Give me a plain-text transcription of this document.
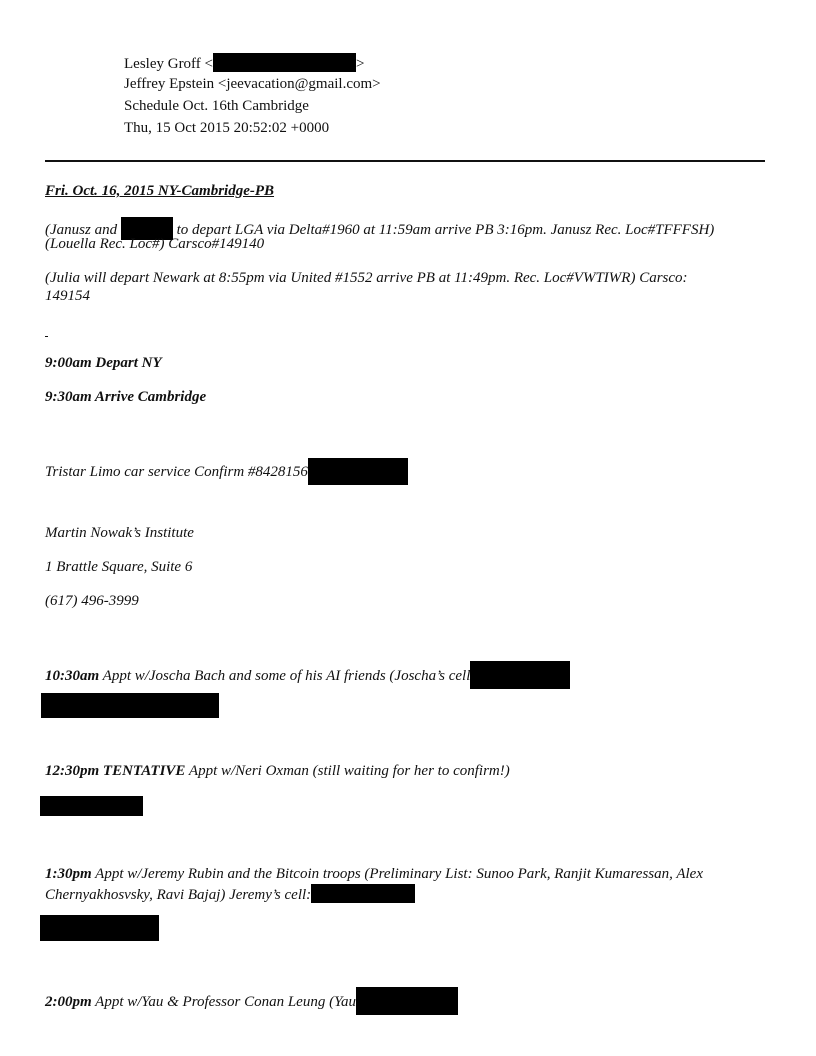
Lesley Groff <	>
Jeffrey Epstein <jeevacation@gmail.com>
Schedule Oct. 16th Cambridge
Thu, 15 Oct 2015 20:52:02 +0000
Fri. Oct. 16, 2015 NY-Cambridge-PB
(Janusz and	to depart LGA via Delta#1960 at 11:59am arrive PB 3:16pm. Janusz Rec. Loc#TFFFSH)
(Louella Rec. Loc#) Carsco#149140
(Julia will depart Newark at 8:55pm via United #1552 arrive PB at 11:49pm. Rec. Loc#VWTIWR) Carsco:
149154
9:00am Depart NY
9:30am Arrive Cambridge
Tristar Limo car service Confirm #8428156
Martin Nowak’s Institute
1 Brattle Square, Suite 6
(617) 496-3999
10:30am Appt w/Joscha Bach and some of his AI friends (Joscha’s cell
12:30pm TENTATIVE Appt w/Neri Oxman (still waiting for her to confirm!)
1:30pm Appt w/Jeremy Rubin and the Bitcoin troops (Preliminary List: Sunoo Park, Ranjit Kumaressan, Alex
Chernyakhosvsky, Ravi Bajaj) Jeremy’s cell:
2:00pm Appt w/Yau & Professor Conan Leung (Yau
